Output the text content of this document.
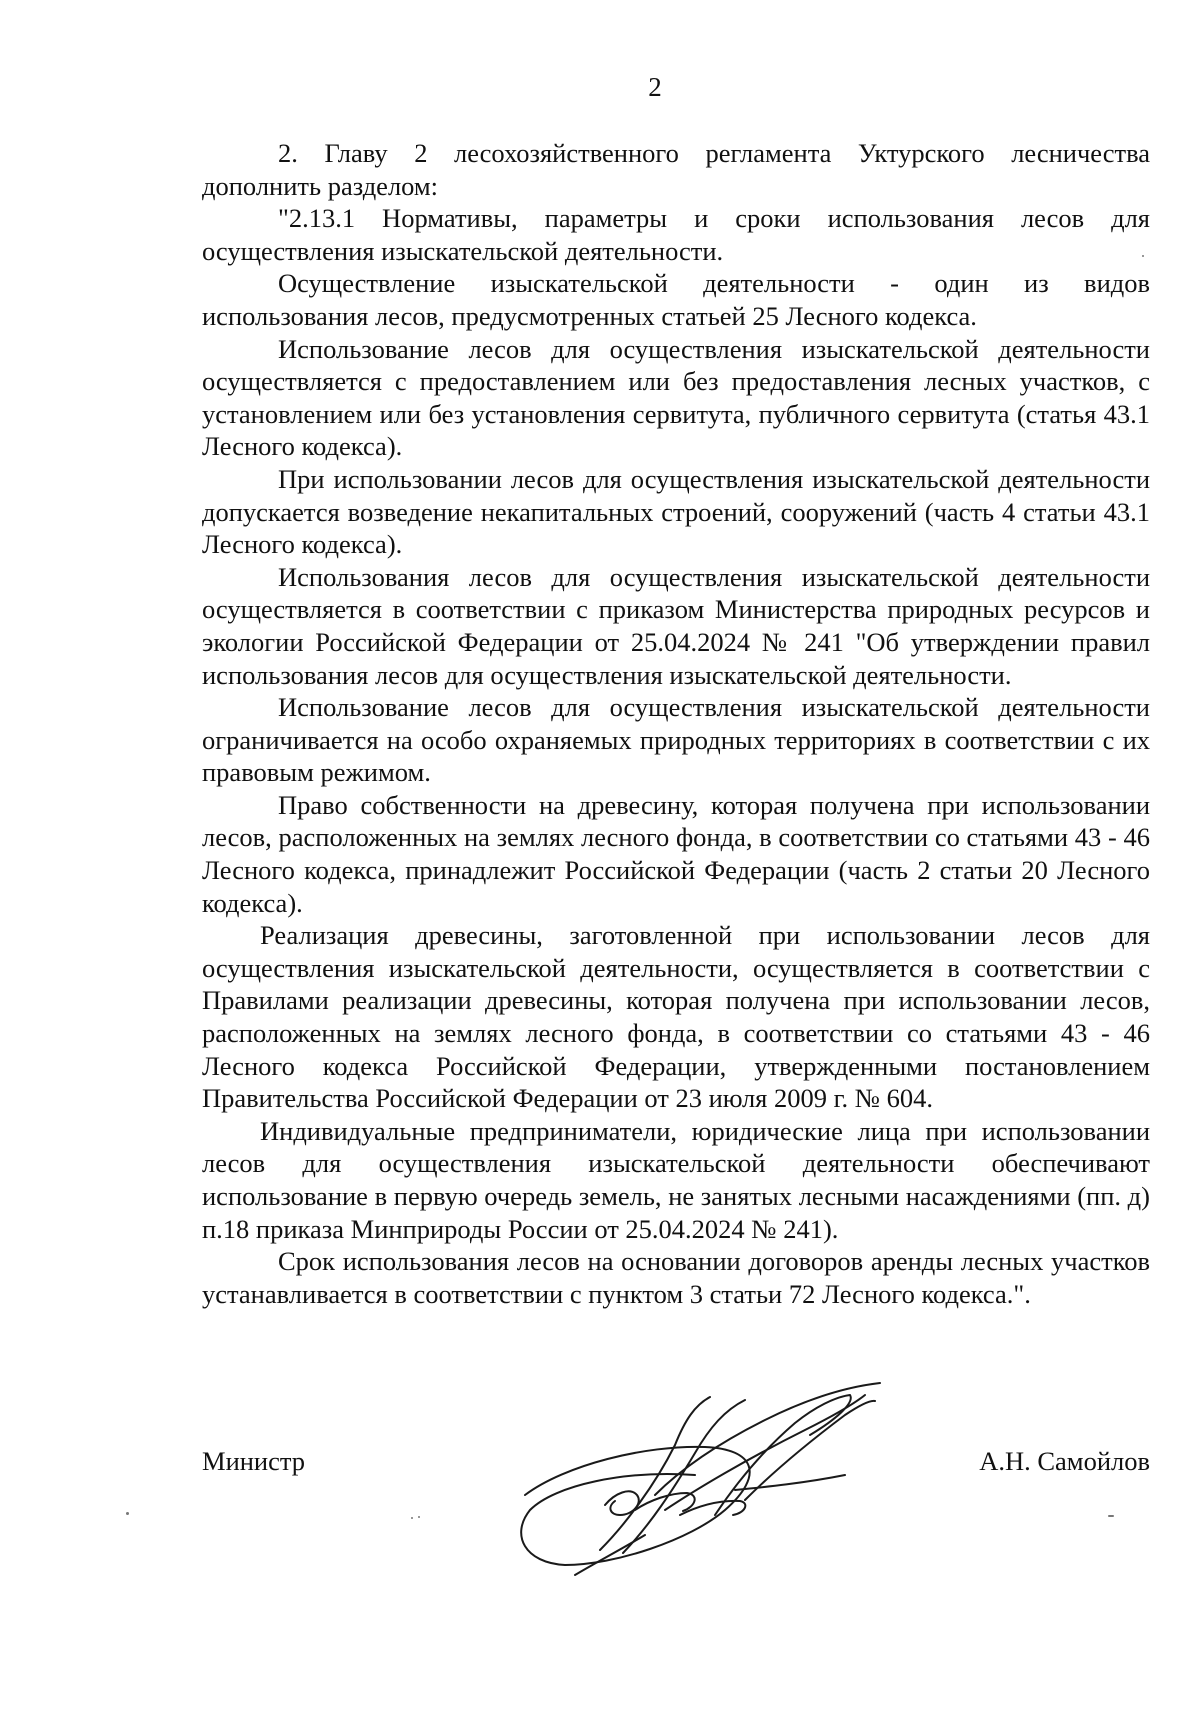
2

2. Главу 2 лесохозяйственного регламента Уктурского лесничества дополнить разделом:

"2.13.1 Нормативы, параметры и сроки использования лесов для осуществления изыскательской деятельности.

Осуществление изыскательской деятельности - один из видов использования лесов, предусмотренных статьей 25 Лесного кодекса.

Использование лесов для осуществления изыскательской деятельности осуществляется с предоставлением или без предоставления лесных участков, с установлением или без установления сервитута, публичного сервитута (статья 43.1 Лесного кодекса).

При использовании лесов для осуществления изыскательской деятельности допускается возведение некапитальных строений, сооружений (часть 4 статьи 43.1 Лесного кодекса).

Использования лесов для осуществления изыскательской деятельности осуществляется в соответствии с приказом Министерства природных ресурсов и экологии Российской Федерации от 25.04.2024 № 241 "Об утверждении правил использования лесов для осуществления изыскательской деятельности.

Использование лесов для осуществления изыскательской деятельности ограничивается на особо охраняемых природных территориях в соответствии с их правовым режимом.

Право собственности на древесину, которая получена при использовании лесов, расположенных на землях лесного фонда, в соответствии со статьями 43 - 46 Лесного кодекса, принадлежит Российской Федерации (часть 2 статьи 20 Лесного кодекса).

Реализация древесины, заготовленной при использовании лесов для осуществления изыскательской деятельности, осуществляется в соответствии с Правилами реализации древесины, которая получена при использовании лесов, расположенных на землях лесного фонда, в соответствии со статьями 43 - 46 Лесного кодекса Российской Федерации, утвержденными постановлением Правительства Российской Федерации от 23 июля 2009 г. № 604.

Индивидуальные предприниматели, юридические лица при использовании лесов для осуществления изыскательской деятельности обеспечивают использование в первую очередь земель, не занятых лесными насаждениями (пп. д) п.18 приказа Минприроды России от 25.04.2024 № 241).

Срок использования лесов на основании договоров аренды лесных участков устанавливается в соответствии с пунктом 3 статьи 72 Лесного кодекса.".

Министр	А.Н. Самойлов
